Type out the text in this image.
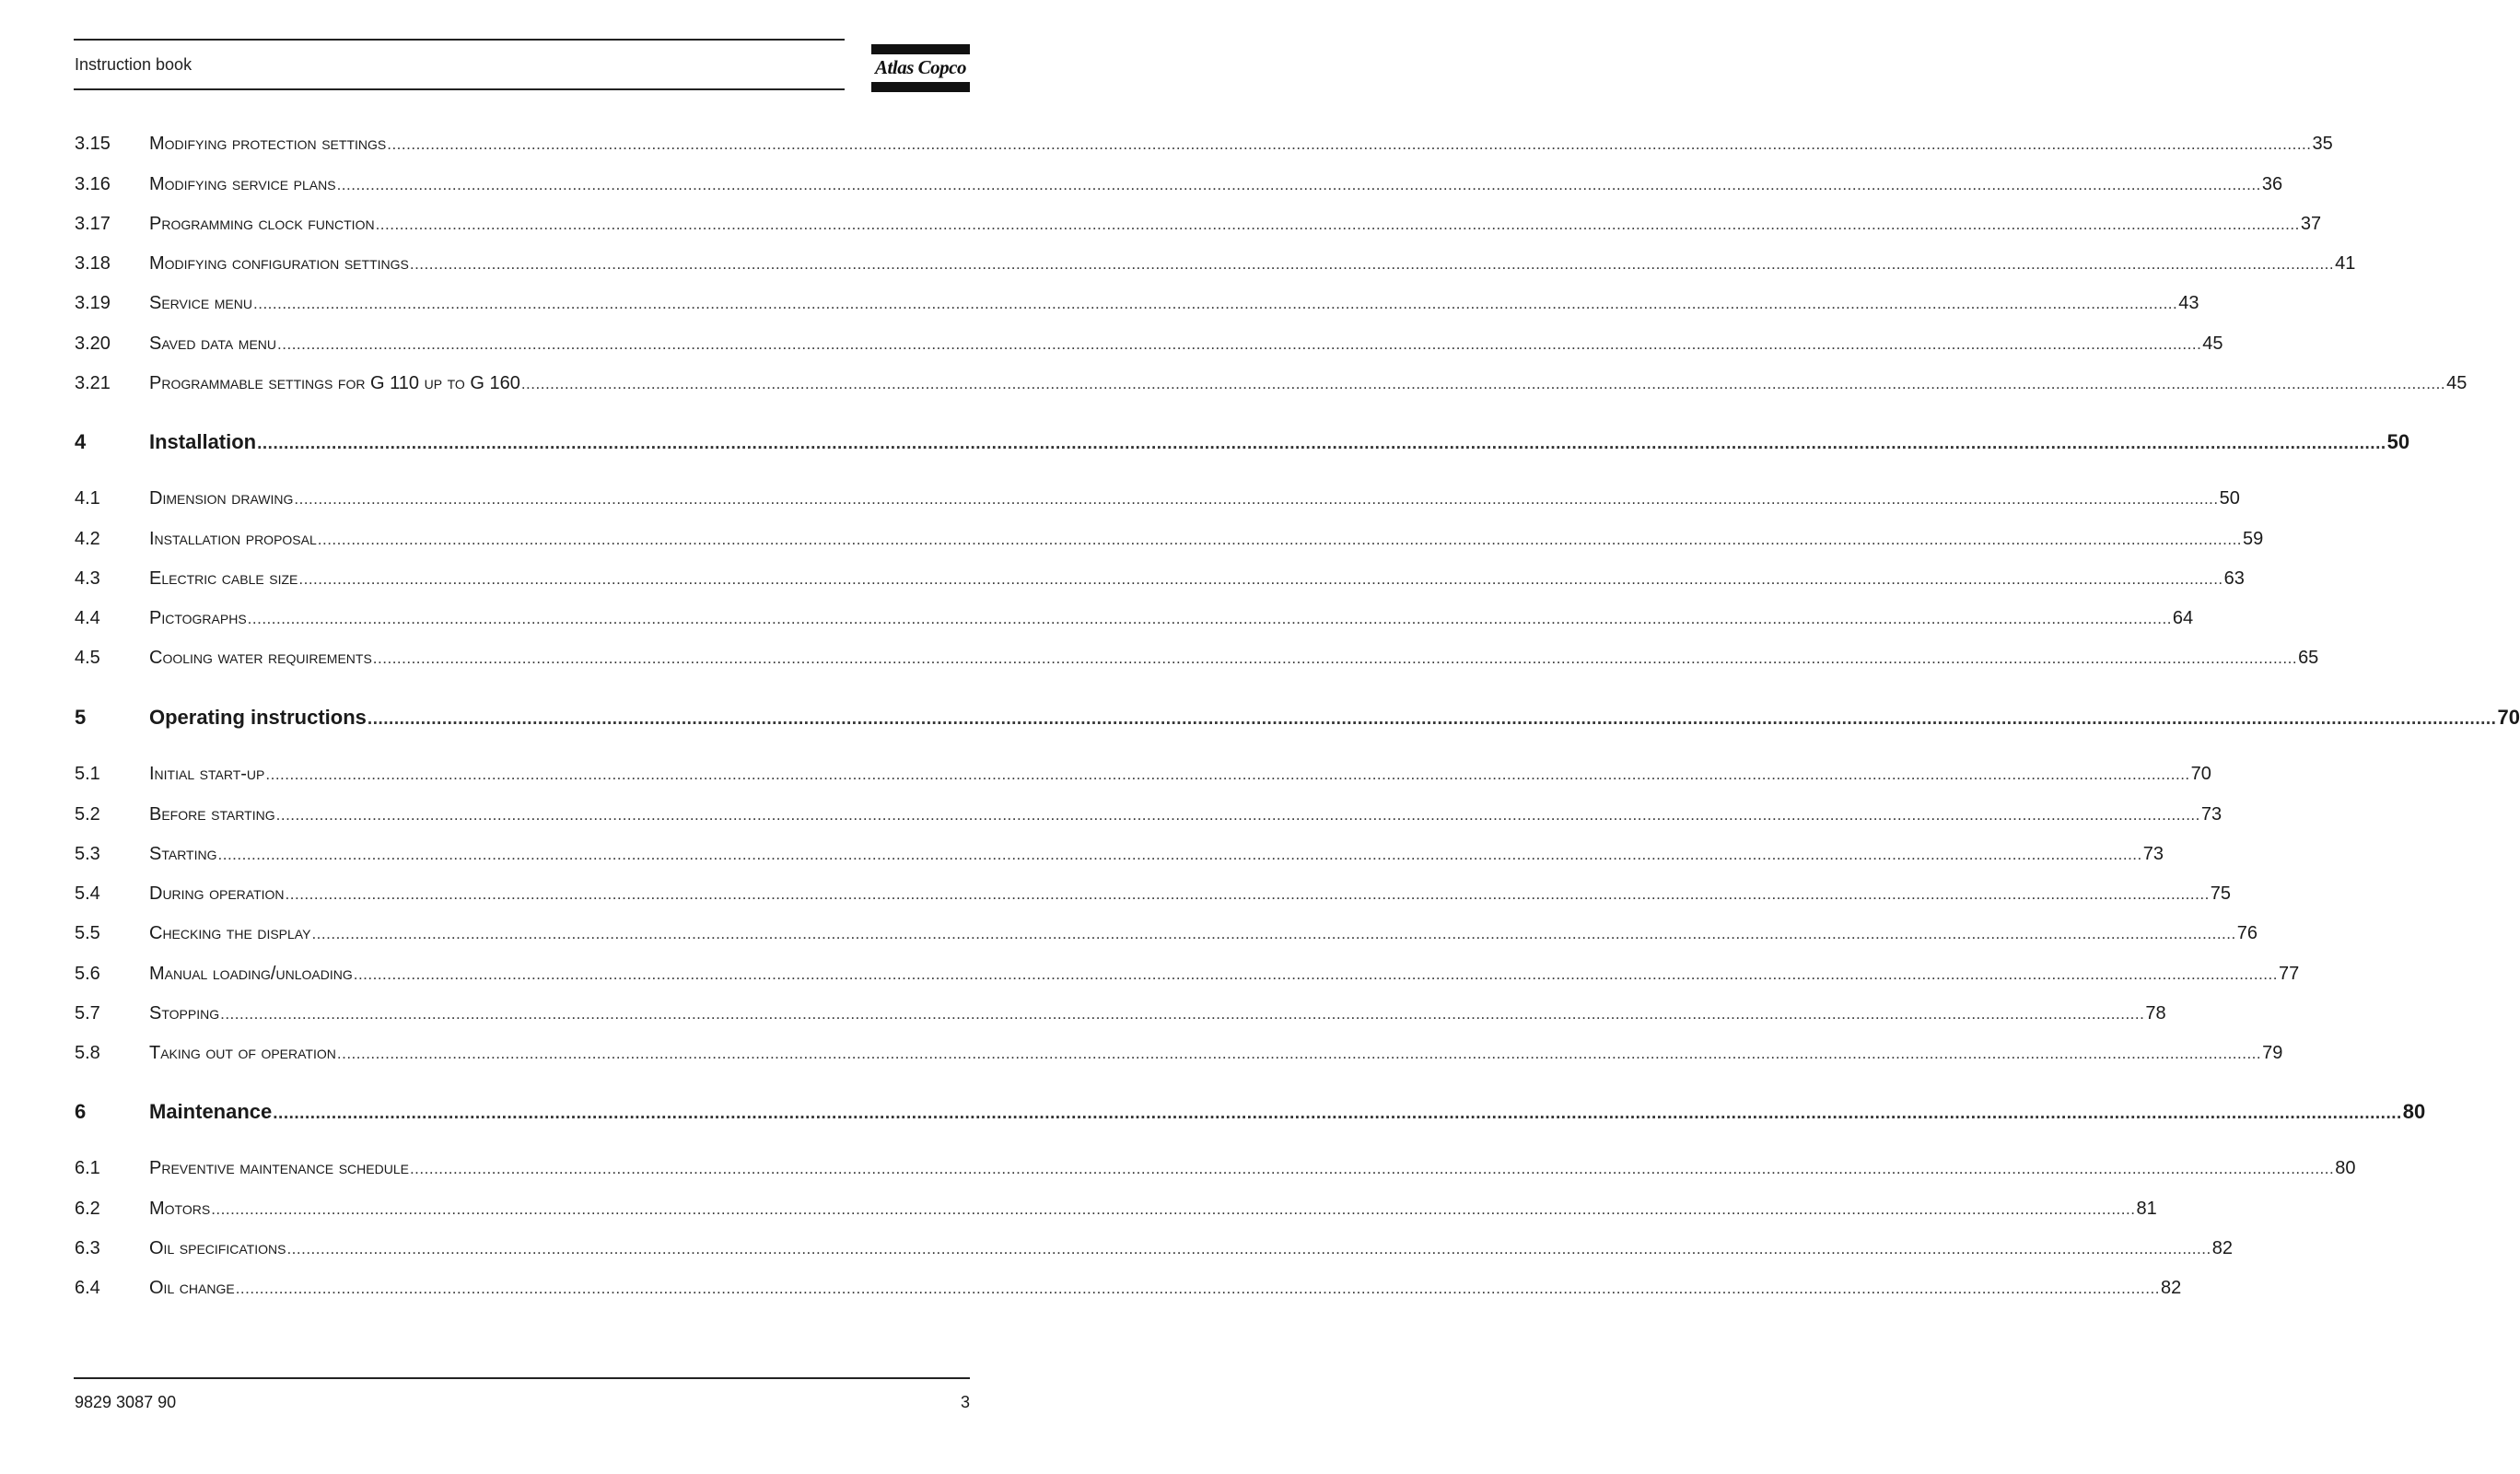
Instruction book	Atlas Copco
3.15	Modifying protection settings ................................................................................................................................................................................................................................................................................................................................................................................................................ 35
3.16	Modifying service plans ................................................................................................................................................................................................................................................................................................................................................................................................................ 36
3.17	Programming clock function ................................................................................................................................................................................................................................................................................................................................................................................................................ 37
3.18	Modifying configuration settings ................................................................................................................................................................................................................................................................................................................................................................................................................ 41
3.19	Service menu ................................................................................................................................................................................................................................................................................................................................................................................................................ 43
3.20	Saved data menu ................................................................................................................................................................................................................................................................................................................................................................................................................ 45
3.21	Programmable settings for G 110 up to G 160 ................................................................................................................................................................................................................................................................................................................................................................................................................ 45
4	Installation ................................................................................................................................................................................................................................................................................................................................................................................................................ 50
4.1	Dimension drawing ................................................................................................................................................................................................................................................................................................................................................................................................................ 50
4.2	Installation proposal ................................................................................................................................................................................................................................................................................................................................................................................................................ 59
4.3	Electric cable size ................................................................................................................................................................................................................................................................................................................................................................................................................ 63
4.4	Pictographs ................................................................................................................................................................................................................................................................................................................................................................................................................ 64
4.5	Cooling water requirements ................................................................................................................................................................................................................................................................................................................................................................................................................ 65
5	Operating instructions ................................................................................................................................................................................................................................................................................................................................................................................................................ 70
5.1	Initial start-up ................................................................................................................................................................................................................................................................................................................................................................................................................ 70
5.2	Before starting ................................................................................................................................................................................................................................................................................................................................................................................................................ 73
5.3	Starting ................................................................................................................................................................................................................................................................................................................................................................................................................ 73
5.4	During operation ................................................................................................................................................................................................................................................................................................................................................................................................................ 75
5.5	Checking the display ................................................................................................................................................................................................................................................................................................................................................................................................................ 76
5.6	Manual loading/unloading ................................................................................................................................................................................................................................................................................................................................................................................................................ 77
5.7	Stopping ................................................................................................................................................................................................................................................................................................................................................................................................................ 78
5.8	Taking out of operation ................................................................................................................................................................................................................................................................................................................................................................................................................ 79
6	Maintenance ................................................................................................................................................................................................................................................................................................................................................................................................................ 80
6.1	Preventive maintenance schedule ................................................................................................................................................................................................................................................................................................................................................................................................................ 80
6.2	Motors ................................................................................................................................................................................................................................................................................................................................................................................................................ 81
6.3	Oil specifications ................................................................................................................................................................................................................................................................................................................................................................................................................ 82
6.4	Oil change ................................................................................................................................................................................................................................................................................................................................................................................................................ 82
9829 3087 90	3
